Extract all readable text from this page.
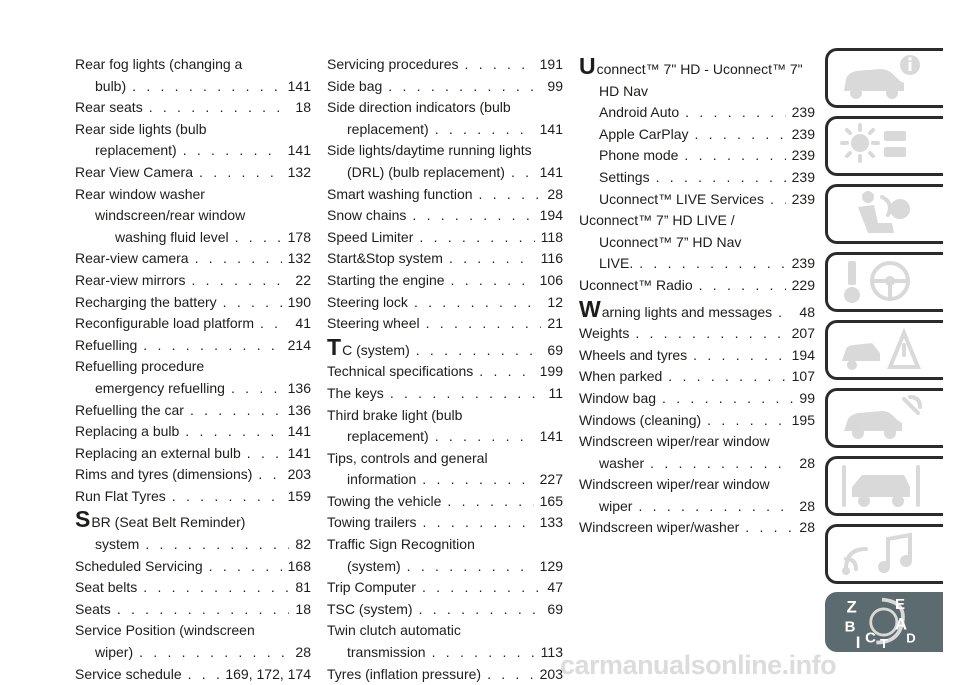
Rear fog lights (changing a
bulb) . . .	141
Rear seats . . .	18
Rear side lights (bulb
replacement) . . .	141
Rear View Camera . . .	132
Rear window washer
windscreen/rear window
washing fluid level . . .	178
Rear-view camera . . .	132
Rear-view mirrors . . .	22
Recharging the battery . . .	190
Reconfigurable load platform . . .	41
Refuelling . . .	214
Refuelling procedure
emergency refuelling . . .	136
Refuelling the car . . .	136
Replacing a bulb . . .	141
Replacing an external bulb . . .	141
Rims and tyres (dimensions) . . .	203
Run Flat Tyres . . .	159
S BR (Seat Belt Reminder)
system . . .	82
Scheduled Servicing . . .	168
Seat belts . . .	81
Seats . . .	18
Service Position (windscreen
wiper) . . .	28
Service schedule . . .	169, 172, 174
Servicing procedures . . .	191
Side bag . . .	99
Side direction indicators (bulb
replacement) . . .	141
Side lights/daytime running lights
(DRL) (bulb replacement) . . . 141
Smart washing function . . .	28
Snow chains . . .	194
Speed Limiter . . .	118
Start&Stop system . . .	116
Starting the engine . . .	106
Steering lock . . .	12
Steering wheel . . .	21
T C (system) . . .	69
Technical specifications . . .	199
The keys . . .	11
Third brake light (bulb
replacement) . . .	141
Tips, controls and general
information . . .	227
Towing the vehicle . . .	165
Towing trailers . . .	133
Traffic Sign Recognition
(system) . . .	129
Trip Computer . . .	47
TSC (system) . . .	69
Twin clutch automatic
transmission . . .	113
Tyres (inflation pressure) . . .	203
U connect™ 7" HD - Uconnect™ 7"
HD Nav
Android Auto . . .	239
Apple CarPlay . . .	239
Phone mode . . .	239
Settings . . .	239
Uconnect™ LIVE Services . . . 239
Uconnect™ 7” HD LIVE /
Uconnect™ 7” HD Nav
LIVE. . . .	239
Uconnect™ Radio . . .	229
W arning lights and messages . . . 48
Weights . . .	207
Wheels and tyres . . .	194
When parked . . .	107
Window bag . . .	99
Windows (cleaning) . . .	195
Windscreen wiper/rear window
washer . . .	28
Windscreen wiper/rear window
wiper . . .	28
Windscreen wiper/washer . . .	28
Z E
B A
C D
T
I
carmanualsonline.info
